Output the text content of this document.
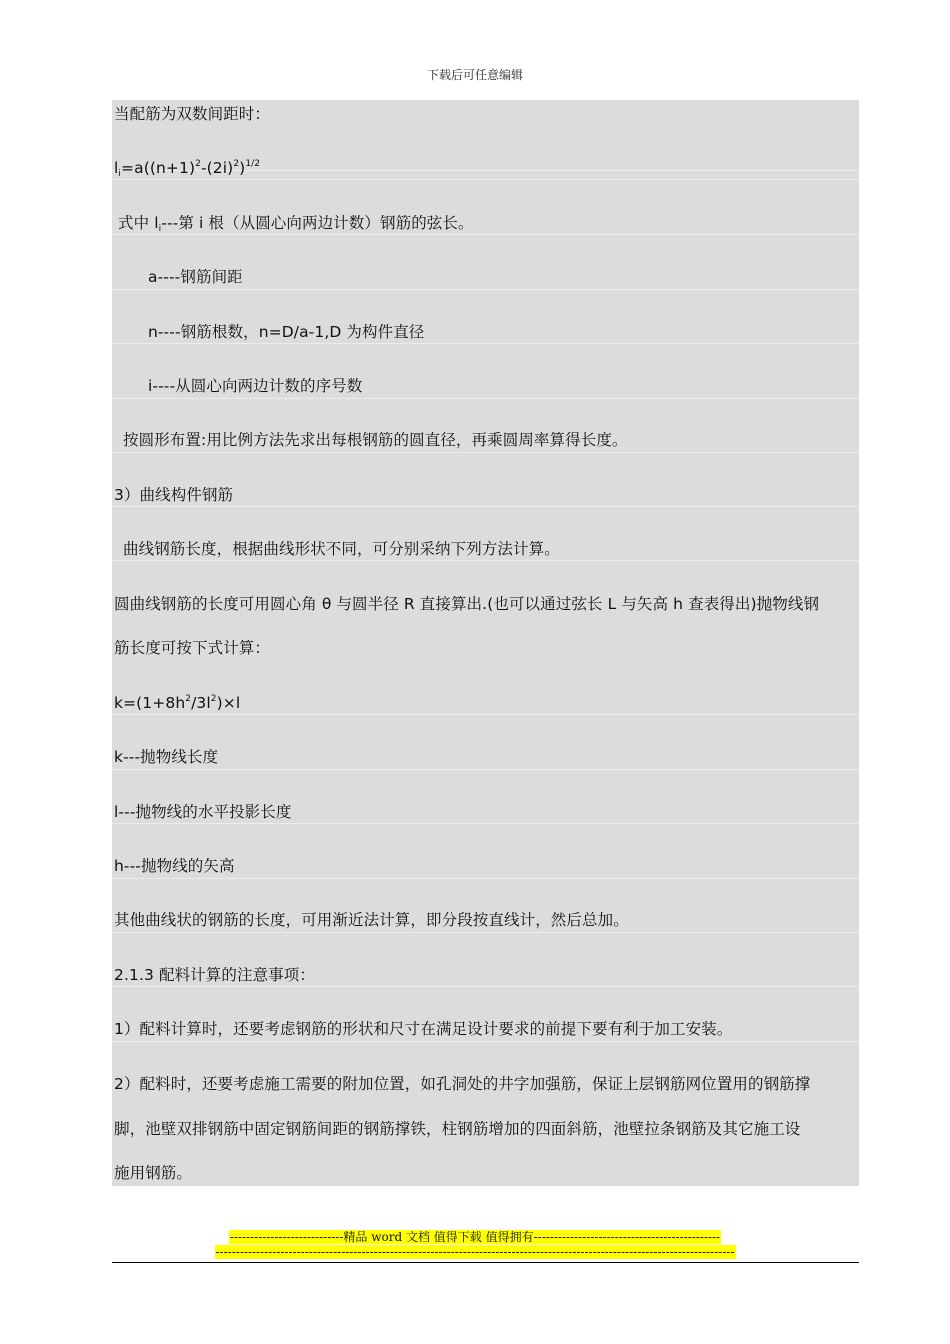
下载后可任意编辑
当配筋为双数间距时：
$l_i=a((n+1)^2-(2i)^2)^{1/2}$
式中 $l_i---$第 i 根（从圆心向两边计数）钢筋的弦长。
a----钢筋间距
n----钢筋根数，n=D/a-1,D 为构件直径
i----从圆心向两边计数的序号数
按圆形布置:用比例方法先求出每根钢筋的圆直径，再乘圆周率算得长度。
3）曲线构件钢筋
曲线钢筋长度，根据曲线形状不同，可分别采纳下列方法计算。
圆曲线钢筋的长度可用圆心角 θ 与圆半径 R 直接算出.(也可以通过弦长 L 与矢高 h 查表得出)抛物线钢
筋长度可按下式计算：
$k=(1+8h^2/3l^2)\times l$
k---抛物线长度
l---抛物线的水平投影长度
h---抛物线的矢高
其他曲线状的钢筋的长度，可用渐近法计算，即分段按直线计，然后总加。
2.1.3 配料计算的注意事项：
1）配料计算时，还要考虑钢筋的形状和尺寸在满足设计要求的前提下要有利于加工安装。
2）配料时，还要考虑施工需要的附加位置，如孔洞处的井字加强筋，保证上层钢筋网位置用的钢筋撑
脚，池壁双排钢筋中固定钢筋间距的钢筋撑铁，柱钢筋增加的四面斜筋，池壁拉条钢筋及其它施工设
施用钢筋。
----------------------------精品 word 文档 值得下载 值得拥有----------------------------------------------
--------------------------------------------------------------------------------------------------------------------------------
